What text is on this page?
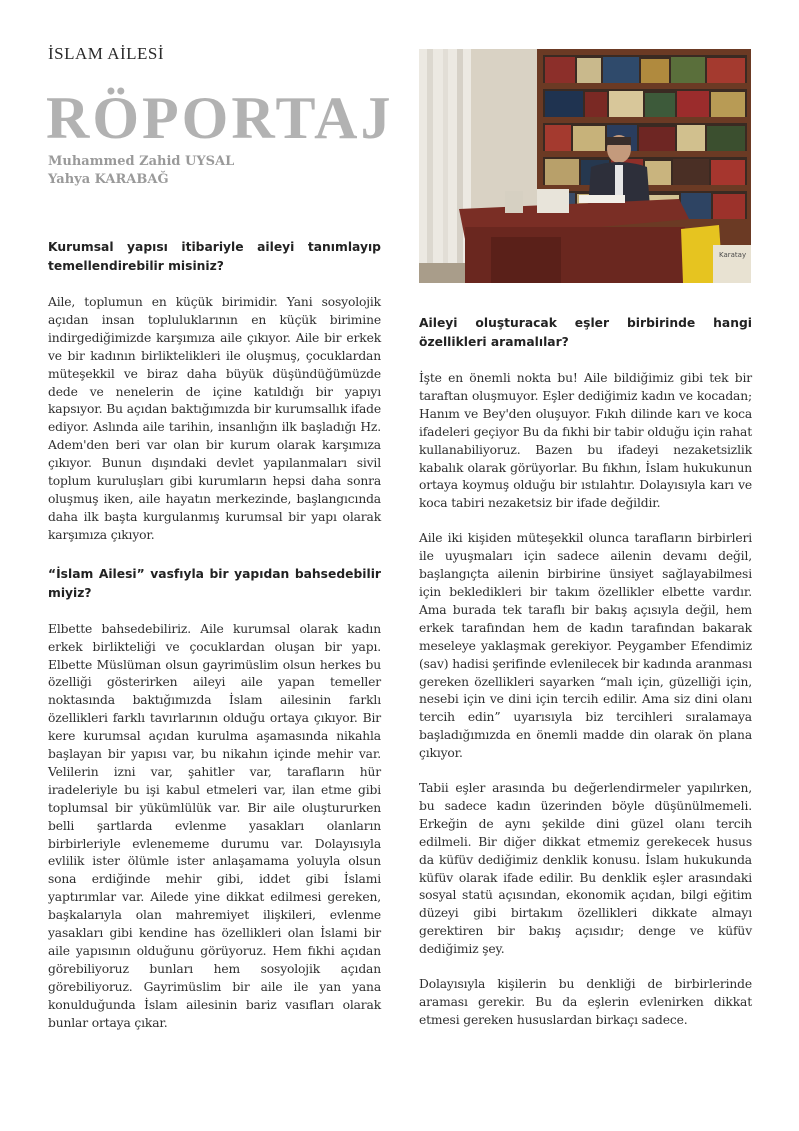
İSLAM AİLESİ
RÖPORTAJ
Muhammed Zahid UYSAL
Yahya KARABAĞ
Karatay

Kurumsal yapısı itibariyle aileyi tanımlayıp temellendirebilir misiniz?

Aile, toplumun en küçük birimidir. Yani sosyolojik açıdan insan topluluklarının en küçük birimine indirgediğimizde karşımıza aile çıkıyor. Aile bir erkek ve bir kadının birliktelikleri ile oluşmuş, çocuklardan müteşekkil ve biraz daha büyük düşündüğümüzde dede ve nenelerin de içine katıldığı bir yapıyı kapsıyor. Bu açıdan baktığımızda bir kurumsallık ifade ediyor. Aslında aile tarihin, insanlığın ilk başladığı Hz. Adem'den beri var olan bir kurum olarak karşımıza çıkıyor. Bunun dışındaki devlet yapılanmaları sivil toplum kuruluşları gibi kurumların hepsi daha sonra oluşmuş iken, aile hayatın merkezinde, başlangıcında daha ilk başta kurgulanmış kurumsal bir yapı olarak karşımıza çıkıyor.

“İslam Ailesi” vasfıyla bir yapıdan bahsedebilir miyiz?

Elbette bahsedebiliriz. Aile kurumsal olarak kadın erkek birlikteliği ve çocuklardan oluşan bir yapı. Elbette Müslüman olsun gayrimüslim olsun herkes bu özelliği gösterirken aileyi aile yapan temeller noktasında baktığımızda İslam ailesinin farklı özellikleri farklı tavırlarının olduğu ortaya çıkıyor. Bir kere kurumsal açıdan kurulma aşamasında nikahla başlayan bir yapısı var, bu nikahın içinde mehir var. Velilerin izni var, şahitler var, tarafların hür iradeleriyle bu işi kabul etmeleri var, ilan etme gibi toplumsal bir yükümlülük var. Bir aile oluştururken belli şartlarda evlenme yasakları olanların birbirleriyle evlenememe durumu var. Dolayısıyla evlilik ister ölümle ister anlaşamama yoluyla olsun sona erdiğinde mehir gibi, iddet gibi İslami yaptırımlar var. Ailede yine dikkat edilmesi gereken, başkalarıyla olan mahremiyet ilişkileri, evlenme yasakları gibi kendine has özellikleri olan İslami bir aile yapısının olduğunu görüyoruz. Hem fıkhi açıdan görebiliyoruz bunları hem sosyolojik açıdan görebiliyoruz. Gayrimüslim bir aile ile yan yana konulduğunda İslam ailesinin bariz vasıfları olarak bunlar ortaya çıkar.

Aileyi oluşturacak eşler birbirinde hangi özellikleri aramalılar?

İşte en önemli nokta bu! Aile bildiğimiz gibi tek bir taraftan oluşmuyor. Eşler dediğimiz kadın ve kocadan; Hanım ve Bey'den oluşuyor. Fıkıh dilinde karı ve koca ifadeleri geçiyor Bu da fıkhi bir tabir olduğu için rahat kullanabiliyoruz. Bazen bu ifadeyi nezaketsizlik kabalık olarak görüyorlar. Bu fıkhın, İslam hukukunun ortaya koymuş olduğu bir ıstılahtır. Dolayısıyla karı ve koca tabiri nezaketsiz bir ifade değildir.

Aile iki kişiden müteşekkil olunca tarafların birbirleri ile uyuşmaları için sadece ailenin devamı değil, başlangıçta ailenin birbirine ünsiyet sağlayabilmesi için bekledikleri bir takım özellikler elbette vardır. Ama burada tek taraflı bir bakış açısıyla değil, hem erkek tarafından hem de kadın tarafından bakarak meseleye yaklaşmak gerekiyor. Peygamber Efendimiz (sav) hadisi şerifinde evlenilecek bir kadında aranması gereken özellikleri sayarken “malı için, güzelliği için, nesebi için ve dini için tercih edilir. Ama siz dini olanı tercih edin” uyarısıyla biz tercihleri sıralamaya başladığımızda en önemli madde din olarak ön plana çıkıyor.

Tabii eşler arasında bu değerlendirmeler yapılırken, bu sadece kadın üzerinden böyle düşünülmemeli. Erkeğin de aynı şekilde dini güzel olanı tercih edilmeli. Bir diğer dikkat etmemiz gerekecek husus da küfüv dediğimiz denklik konusu. İslam hukukunda küfüv olarak ifade edilir. Bu denklik eşler arasındaki sosyal statü açısından, ekonomik açıdan, bilgi eğitim düzeyi gibi birtakım özellikleri dikkate almayı gerektiren bir bakış açısıdır; denge ve küfüv dediğimiz şey.

Dolayısıyla kişilerin bu denkliği de birbirlerinde araması gerekir. Bu da eşlerin evlenirken dikkat etmesi gereken hususlardan birkaçı sadece.
